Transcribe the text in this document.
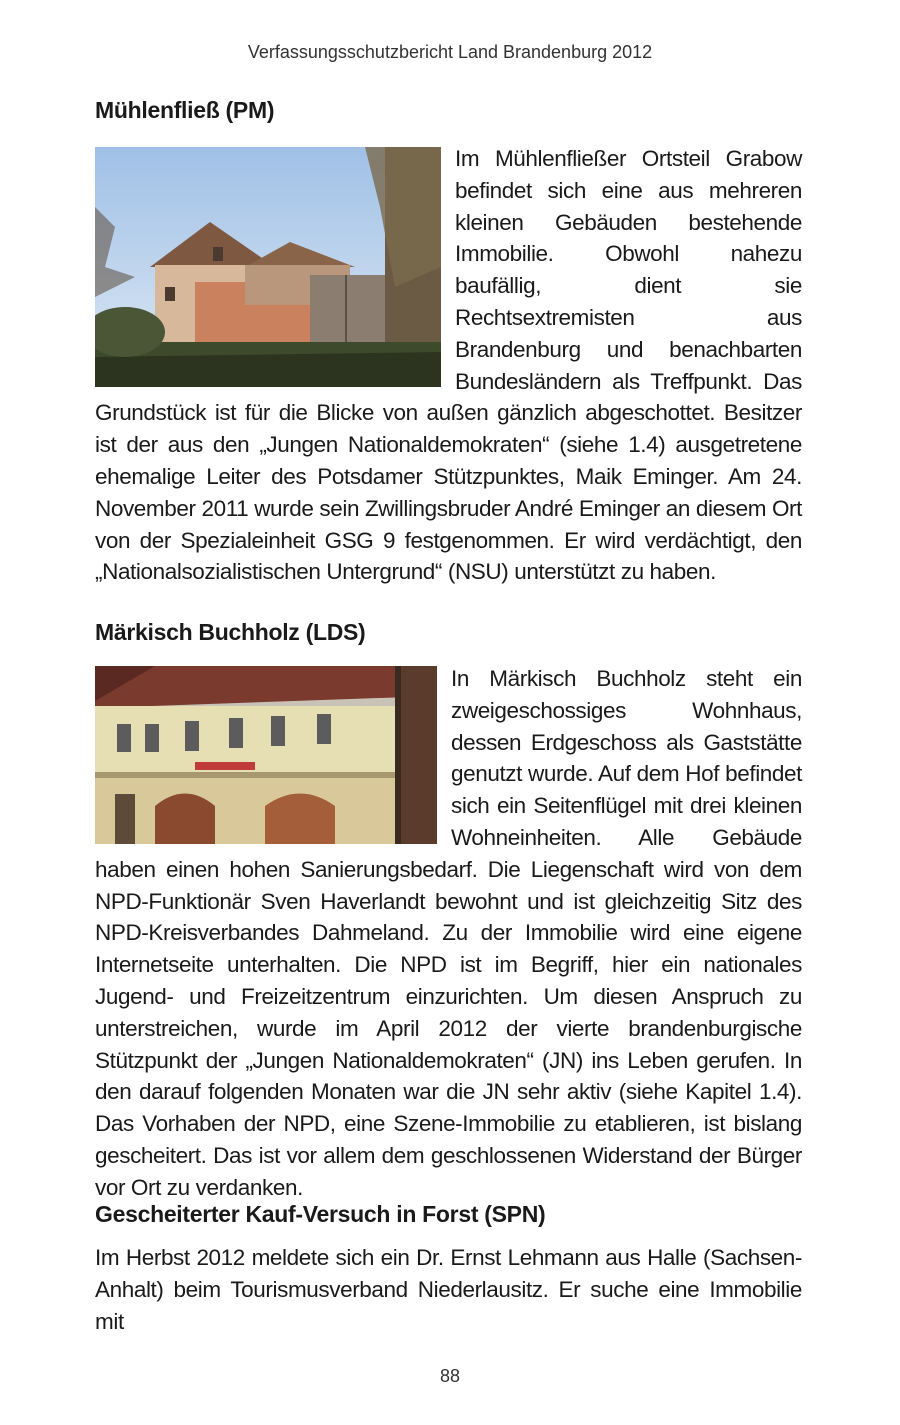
Verfassungsschutzbericht Land Brandenburg 2012
Mühlenfließ (PM)
Im Mühlenfließer Ortsteil Grabow befindet sich eine aus mehreren kleinen Gebäuden bestehende Immobilie. Obwohl nahezu baufällig, dient sie Rechtsextremisten aus Brandenburg und benachbarten Bundesländern als Treffpunkt. Das Grundstück ist für die Blicke von außen gänzlich abgeschottet. Besitzer ist der aus den „Jungen Nationaldemokraten“ (siehe 1.4) ausgetretene ehemalige Leiter des Potsdamer Stützpunktes, Maik Eminger. Am 24. November 2011 wurde sein Zwillingsbruder André Eminger an diesem Ort von der Spezialeinheit GSG 9 festgenommen. Er wird verdächtigt, den „Nationalsozialistischen Untergrund“ (NSU) unterstützt zu haben.
Märkisch Buchholz (LDS)
In Märkisch Buchholz steht ein zweigeschossiges Wohnhaus, dessen Erdgeschoss als Gaststätte genutzt wurde. Auf dem Hof befindet sich ein Seitenflügel mit drei kleinen Wohneinheiten. Alle Gebäude haben einen hohen Sanierungsbedarf. Die Liegenschaft wird von dem NPD-Funktionär Sven Haverlandt bewohnt und ist gleichzeitig Sitz des NPD-Kreisverbandes Dahmeland. Zu der Immobilie wird eine eigene Internetseite unterhalten. Die NPD ist im Begriff, hier ein nationales Jugend- und Freizeitzentrum einzurichten. Um diesen Anspruch zu unterstreichen, wurde im April 2012 der vierte brandenburgische Stützpunkt der „Jungen Nationaldemokraten“ (JN) ins Leben gerufen. In den darauf folgenden Monaten war die JN sehr aktiv (siehe Kapitel 1.4). Das Vorhaben der NPD, eine Szene-Immobilie zu etablieren, ist bislang gescheitert. Das ist vor allem dem geschlossenen Widerstand der Bürger vor Ort zu verdanken.
Gescheiterter Kauf-Versuch in Forst (SPN)
Im Herbst 2012 meldete sich ein Dr. Ernst Lehmann aus Halle (Sachsen-Anhalt) beim Tourismusverband Niederlausitz. Er suche eine Immobilie mit
88
